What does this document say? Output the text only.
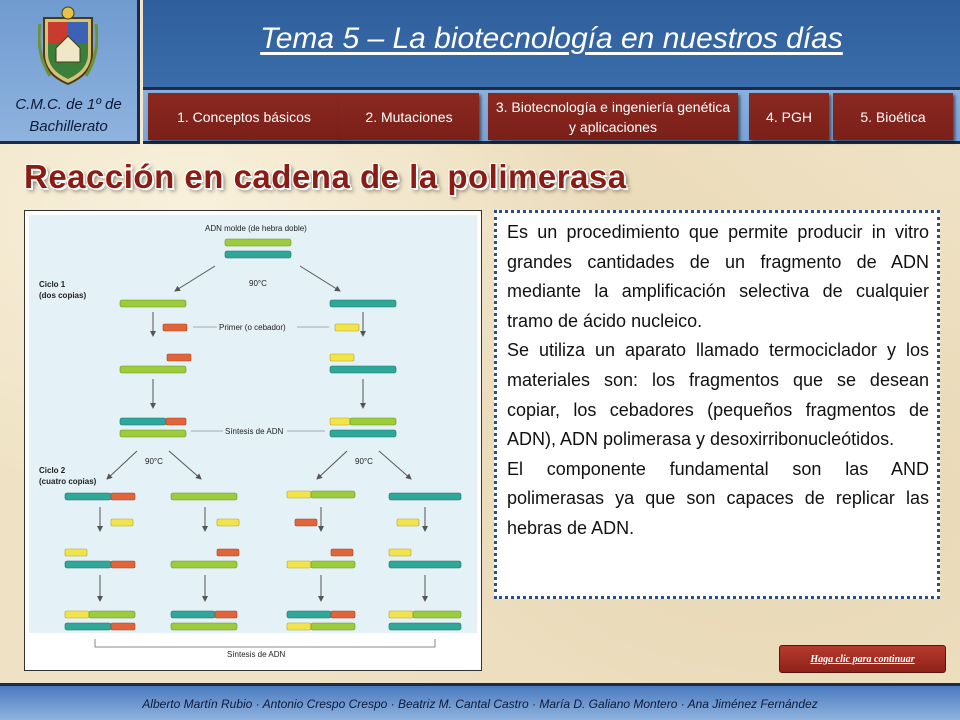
C.M.C. de 1º de Bachillerato
Tema 5 – La biotecnología en nuestros días
1. Conceptos básicos	2. Mutaciones
3. Biotecnología e ingeniería genética y aplicaciones
4. PGH	5. Bioética
Reacción en cadena de la polimerasa
ADN molde (de hebra doble)
90°C
Ciclo 1
(dos copias)
Primer (o cebador)
Síntesis de ADN
90°C	90°C
Ciclo 2
(cuatro copias)
Síntesis de ADN

Es un procedimiento que permite producir in vitro grandes cantidades de un fragmento de ADN mediante la amplificación selectiva de cualquier tramo de ácido nucleico.

Se utiliza un aparato llamado termociclador y los materiales son: los fragmentos que se desean copiar, los cebadores (pequeños fragmentos de ADN), ADN polimerasa y desoxirribonucleótidos.

El componente fundamental son las AND polimerasas ya que son capaces de replicar las hebras de ADN.

Haga clic para continuar
Alberto Martín Rubio · Antonio Crespo Crespo · Beatriz M. Cantal Castro · María D. Galiano Montero · Ana Jiménez Fernández
